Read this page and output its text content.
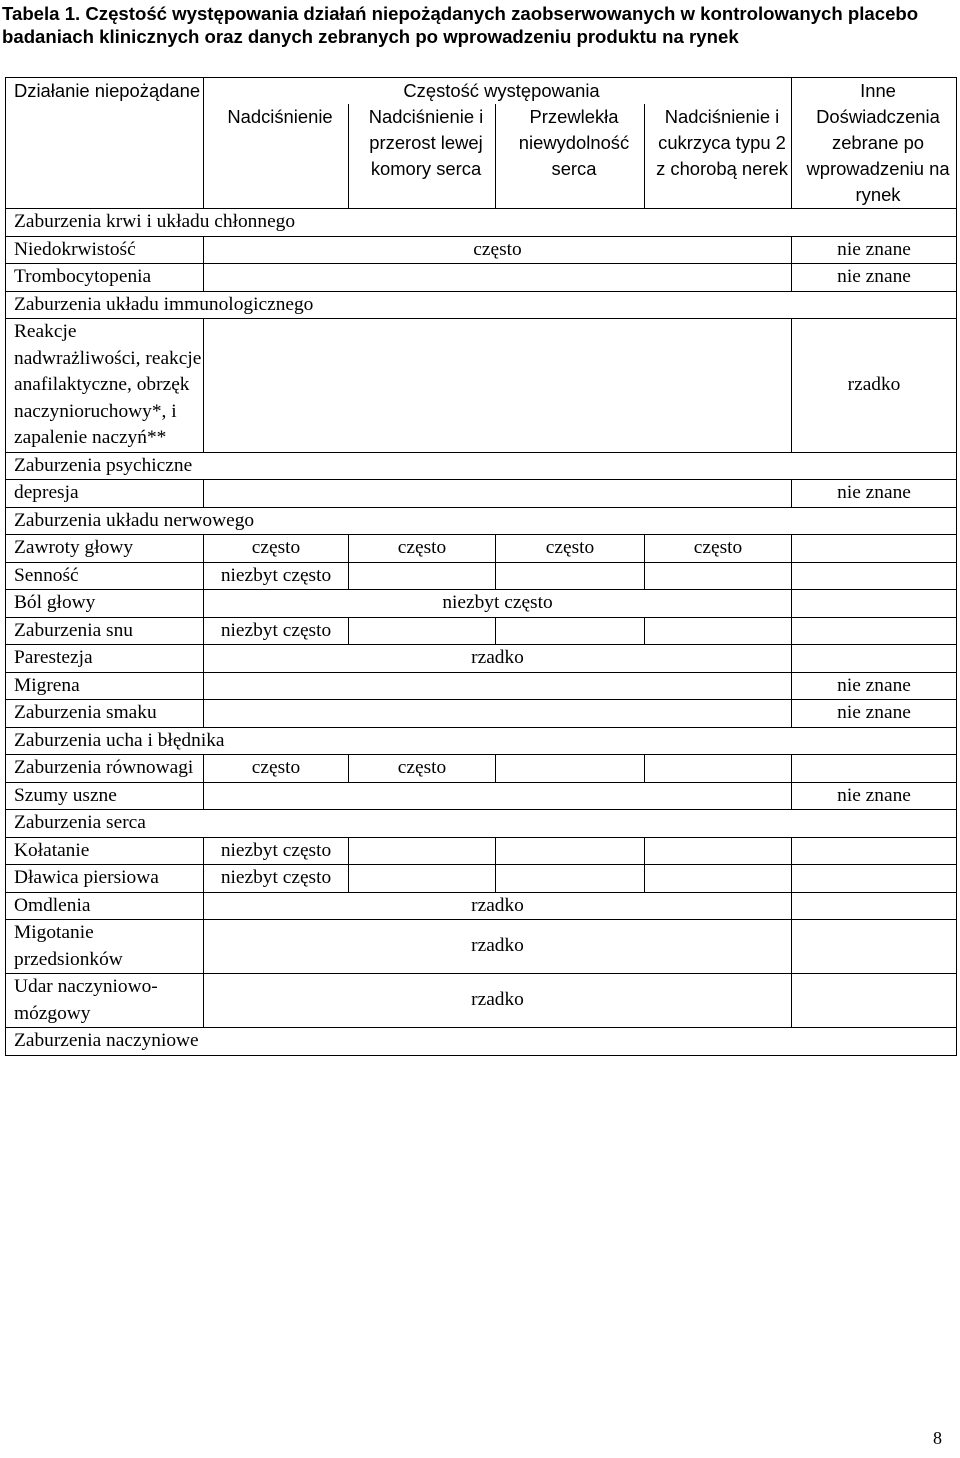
Tabela 1. Częstość występowania działań niepożądanych zaobserwowanych w kontrolowanych placebo badaniach klinicznych oraz danych zebranych po wprowadzeniu produktu na rynek

Działanie niepożądane	Częstość występowania				Inne
	Nadciśnienie	Nadciśnienie i przerost lewej komory serca	Przewlekła niewydolność serca	Nadciśnienie i cukrzyca typu 2 z chorobą nerek	Doświadczenia zebrane po wprowadzeniu na rynek
Zaburzenia krwi i układu chłonnego					
Niedokrwistość	często				nie znane
Trombocytopenia					nie znane
Zaburzenia układu immunologicznego					
Reakcje nadwrażliwości, reakcje anafilaktyczne, obrzęk naczynioruchowy*, i zapalenie naczyń**					rzadko
Zaburzenia psychiczne					
depresja					nie znane
Zaburzenia układu nerwowego					
Zawroty głowy	często	często	często	często	
Senność	niezbyt często				
Ból głowy	niezbyt często				
Zaburzenia snu	niezbyt często				
Parestezja	rzadko				
Migrena					nie znane
Zaburzenia smaku					nie znane
Zaburzenia ucha i błędnika					
Zaburzenia równowagi	często	często			
Szumy uszne					nie znane
Zaburzenia serca					
Kołatanie	niezbyt często				
Dławica piersiowa	niezbyt często				
Omdlenia	rzadko				
Migotanie przedsionków	rzadko				
Udar naczyniowo-mózgowy	rzadko				
Zaburzenia naczyniowe					
8
